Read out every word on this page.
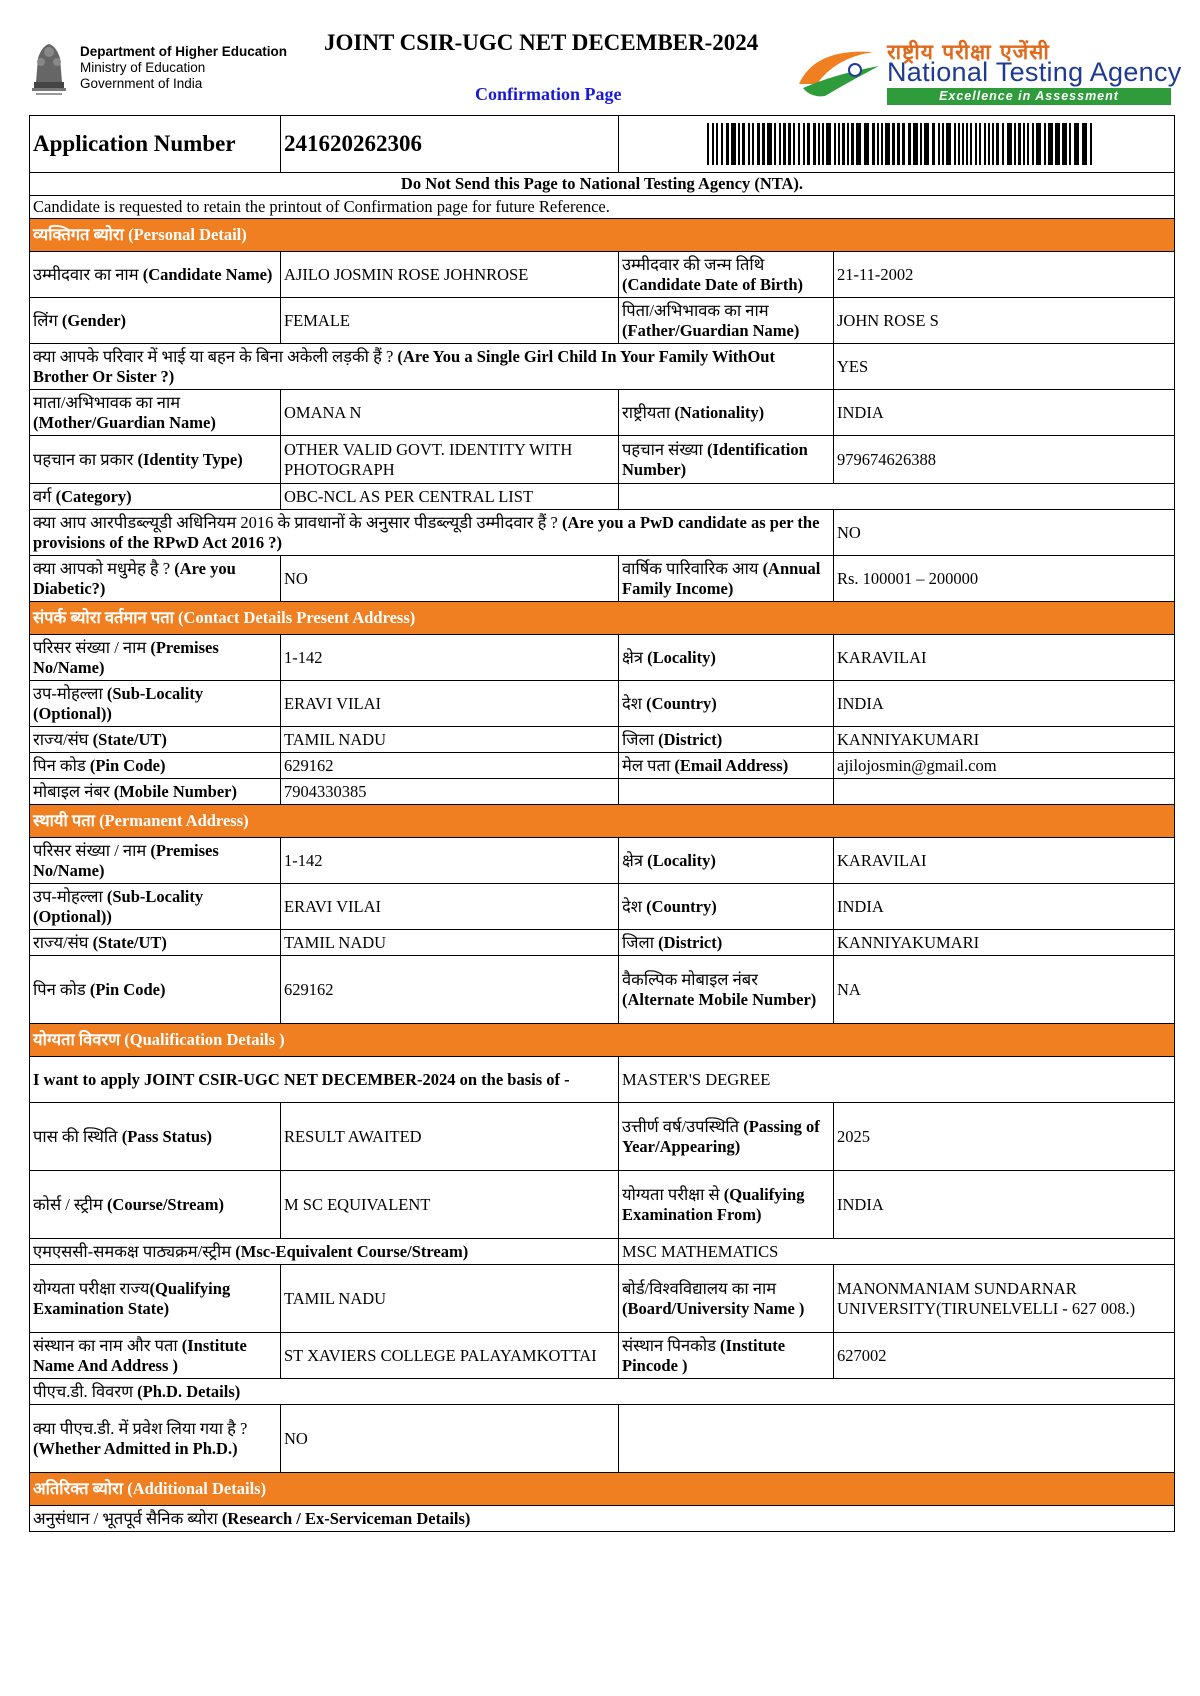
Department of Higher Education
Ministry of Education
Government of India
JOINT CSIR-UGC NET DECEMBER-2024
Confirmation Page
राष्ट्रीय परीक्षा एजेंसी
National Testing Agency
Excellence in Assessment
Application Number	241620262306	

Do Not Send this Page to National Testing Agency (NTA).			
Candidate is requested to retain the printout of Confirmation page for future Reference.			
व्यक्तिगत ब्योरा (Personal Detail)			
उम्मीदवार का नाम (Candidate Name)	AJILO JOSMIN ROSE JOHNROSE	उम्मीदवार की जन्म तिथि (Candidate Date of Birth)	21-11-2002
लिंग (Gender)	FEMALE	पिता/अभिभावक का नाम (Father/Guardian Name)	JOHN ROSE S
क्या आपके परिवार में भाई या बहन के बिना अकेली लड़की हैं ? (Are You a Single Girl Child In Your Family WithOut Brother Or Sister ?)			YES
माता/अभिभावक का नाम (Mother/Guardian Name)	OMANA N	राष्ट्रीयता (Nationality)	INDIA
पहचान का प्रकार (Identity Type)	OTHER VALID GOVT. IDENTITY WITH PHOTOGRAPH	पहचान संख्या (Identification Number)	979674626388
वर्ग (Category)	OBC-NCL AS PER CENTRAL LIST		
क्या आप आरपीडब्ल्यूडी अधिनियम 2016 के प्रावधानों के अनुसार पीडब्ल्यूडी उम्मीदवार हैं ? (Are you a PwD candidate as per the provisions of the RPwD Act 2016 ?)			NO
क्या आपको मधुमेह है ? (Are you Diabetic?)	NO	वार्षिक पारिवारिक आय (Annual Family Income)	Rs. 100001 – 200000
संपर्क ब्योरा वर्तमान पता (Contact Details Present Address)			
परिसर संख्या / नाम (Premises No/Name)	1-142	क्षेत्र (Locality)	KARAVILAI
उप-मोहल्ला (Sub-Locality (Optional))	ERAVI VILAI	देश (Country)	INDIA
राज्य/संघ (State/UT)	TAMIL NADU	जिला (District)	KANNIYAKUMARI
पिन कोड (Pin Code)	629162	मेल पता (Email Address)	ajilojosmin@gmail.com
मोबाइल नंबर (Mobile Number)	7904330385		
स्थायी पता (Permanent Address)			
परिसर संख्या / नाम (Premises No/Name)	1-142	क्षेत्र (Locality)	KARAVILAI
उप-मोहल्ला (Sub-Locality (Optional))	ERAVI VILAI	देश (Country)	INDIA
राज्य/संघ (State/UT)	TAMIL NADU	जिला (District)	KANNIYAKUMARI
पिन कोड (Pin Code)	629162	वैकल्पिक मोबाइल नंबर (Alternate Mobile Number)	NA
योग्यता विवरण (Qualification Details )			
I want to apply JOINT CSIR-UGC NET DECEMBER-2024 on the basis of -		MASTER'S DEGREE	
पास की स्थिति (Pass Status)	RESULT AWAITED	उत्तीर्ण वर्ष/उपस्थिति (Passing of Year/Appearing)	2025
कोर्स / स्ट्रीम (Course/Stream)	M SC EQUIVALENT	योग्यता परीक्षा से (Qualifying Examination From)	INDIA
एमएससी-समकक्ष पाठ्यक्रम/स्ट्रीम (Msc-Equivalent Course/Stream)		MSC MATHEMATICS	
योग्यता परीक्षा राज्य(Qualifying Examination State)	TAMIL NADU	बोर्ड/विश्वविद्यालय का नाम (Board/University Name )	MANONMANIAM SUNDARNAR UNIVERSITY(TIRUNELVELLI - 627 008.)
संस्थान का नाम और पता (Institute Name And Address )	ST XAVIERS COLLEGE PALAYAMKOTTAI	संस्थान पिनकोड (Institute Pincode )	627002
पीएच.डी. विवरण (Ph.D. Details)			
क्या पीएच.डी. में प्रवेश लिया गया है ? (Whether Admitted in Ph.D.)	NO		
अतिरिक्त ब्योरा (Additional Details)			
अनुसंधान / भूतपूर्व सैनिक ब्योरा (Research / Ex-Serviceman Details)			
